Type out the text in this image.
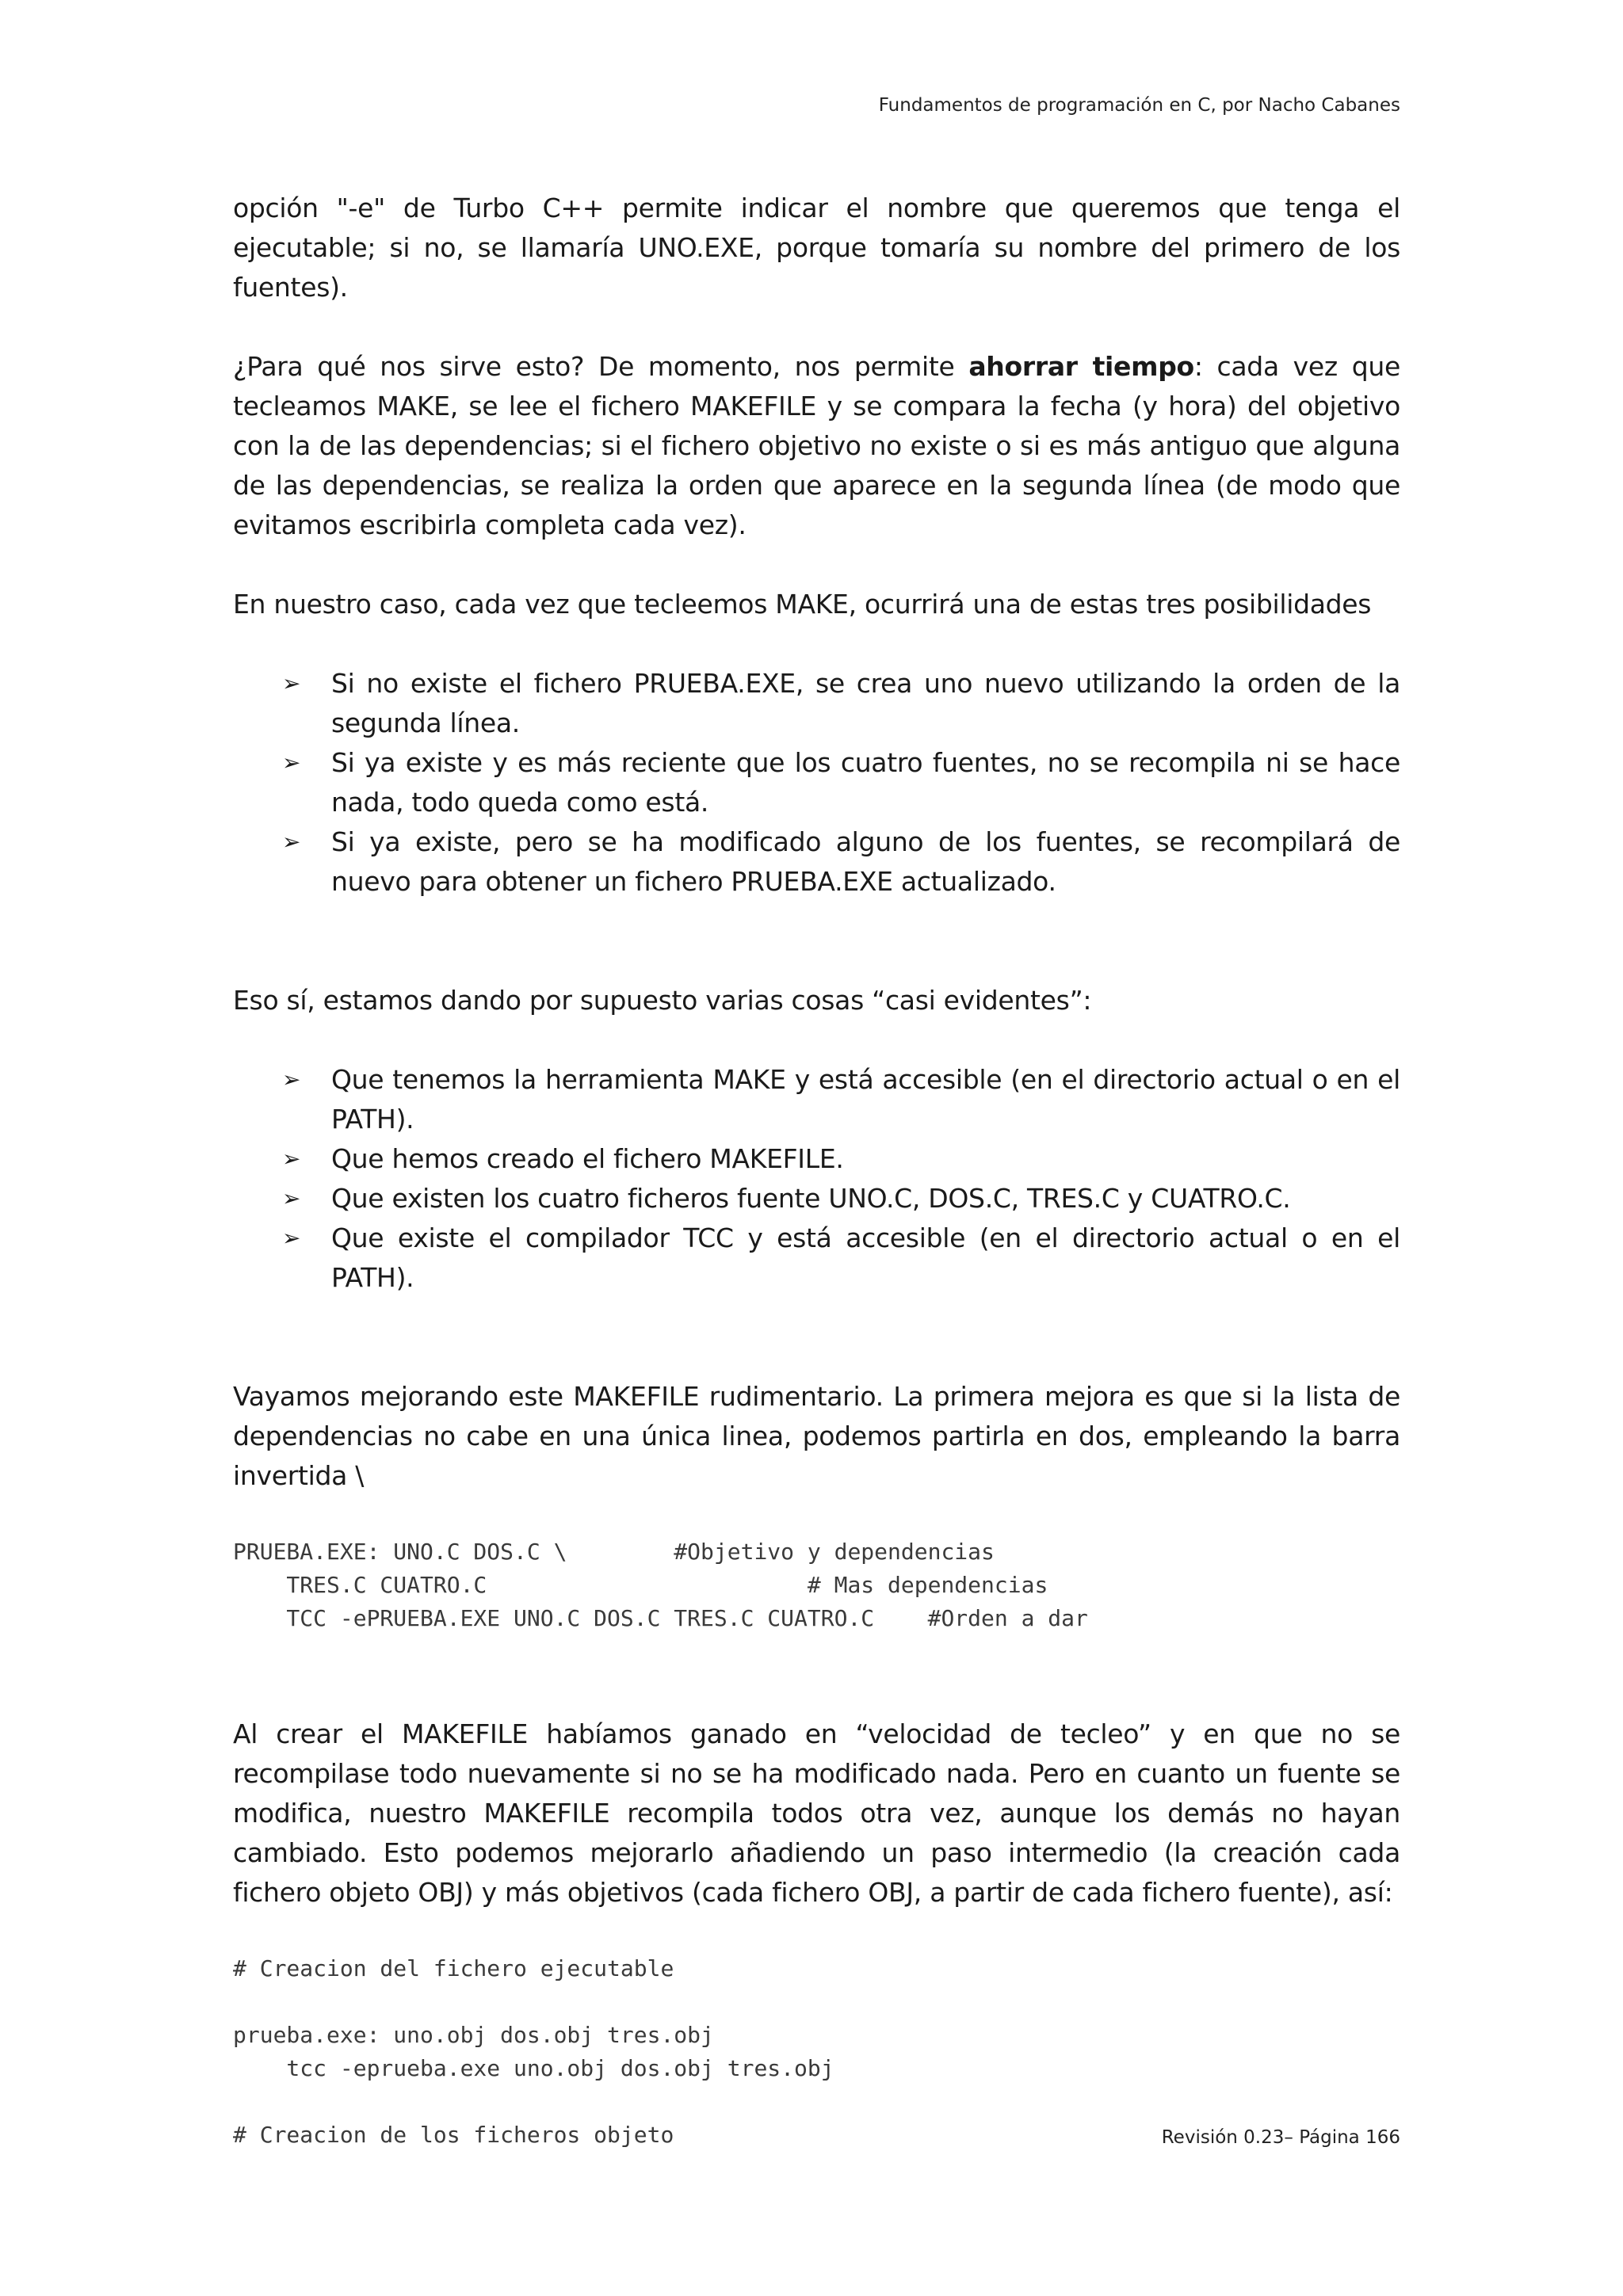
Fundamentos de programación en C, por Nacho Cabanes

opción "-e" de Turbo C++ permite indicar el nombre que queremos que tenga el ejecutable; si no, se llamaría UNO.EXE, porque tomaría su nombre del primero de los fuentes).

¿Para qué nos sirve esto? De momento, nos permite ahorrar tiempo: cada vez que tecleamos MAKE, se lee el fichero MAKEFILE y se compara la fecha (y hora) del objetivo con la de las dependencias; si el fichero objetivo no existe o si es más antiguo que alguna de las dependencias, se realiza la orden que aparece en la segunda línea (de modo que evitamos escribirla completa cada vez).

En nuestro caso, cada vez que tecleemos MAKE, ocurrirá una de estas tres posibilidades

➢ Si no existe el fichero PRUEBA.EXE, se crea uno nuevo utilizando la orden de la segunda línea.
➢ Si ya existe y es más reciente que los cuatro fuentes, no se recompila ni se hace nada, todo queda como está.
➢ Si ya existe, pero se ha modificado alguno de los fuentes, se recompilará de nuevo para obtener un fichero PRUEBA.EXE actualizado.

Eso sí, estamos dando por supuesto varias cosas “casi evidentes”:

➢ Que tenemos la herramienta MAKE y está accesible (en el directorio actual o en el PATH).
➢ Que hemos creado el fichero MAKEFILE.
➢ Que existen los cuatro ficheros fuente UNO.C, DOS.C, TRES.C y CUATRO.C.
➢ Que existe el compilador TCC y está accesible (en el directorio actual o en el PATH).

Vayamos mejorando este MAKEFILE rudimentario. La primera mejora es que si la lista de dependencias no cabe en una única linea, podemos partirla en dos, empleando la barra invertida \

PRUEBA.EXE: UNO.C DOS.C \        #Objetivo y dependencias
TRES.C CUATRO.C                        # Mas dependencias
TCC -ePRUEBA.EXE UNO.C DOS.C TRES.C CUATRO.C    #Orden a dar

Al crear el MAKEFILE habíamos ganado en “velocidad de tecleo” y en que no se recompilase todo nuevamente si no se ha modificado nada. Pero en cuanto un fuente se modifica, nuestro MAKEFILE recompila todos otra vez, aunque los demás no hayan cambiado. Esto podemos mejorarlo añadiendo un paso intermedio (la creación cada fichero objeto OBJ) y más objetivos (cada fichero OBJ, a partir de cada fichero fuente), así:

# Creacion del fichero ejecutable

prueba.exe: uno.obj dos.obj tres.obj
tcc -eprueba.exe uno.obj dos.obj tres.obj

# Creacion de los ficheros objeto	Revisión 0.23– Página 166
